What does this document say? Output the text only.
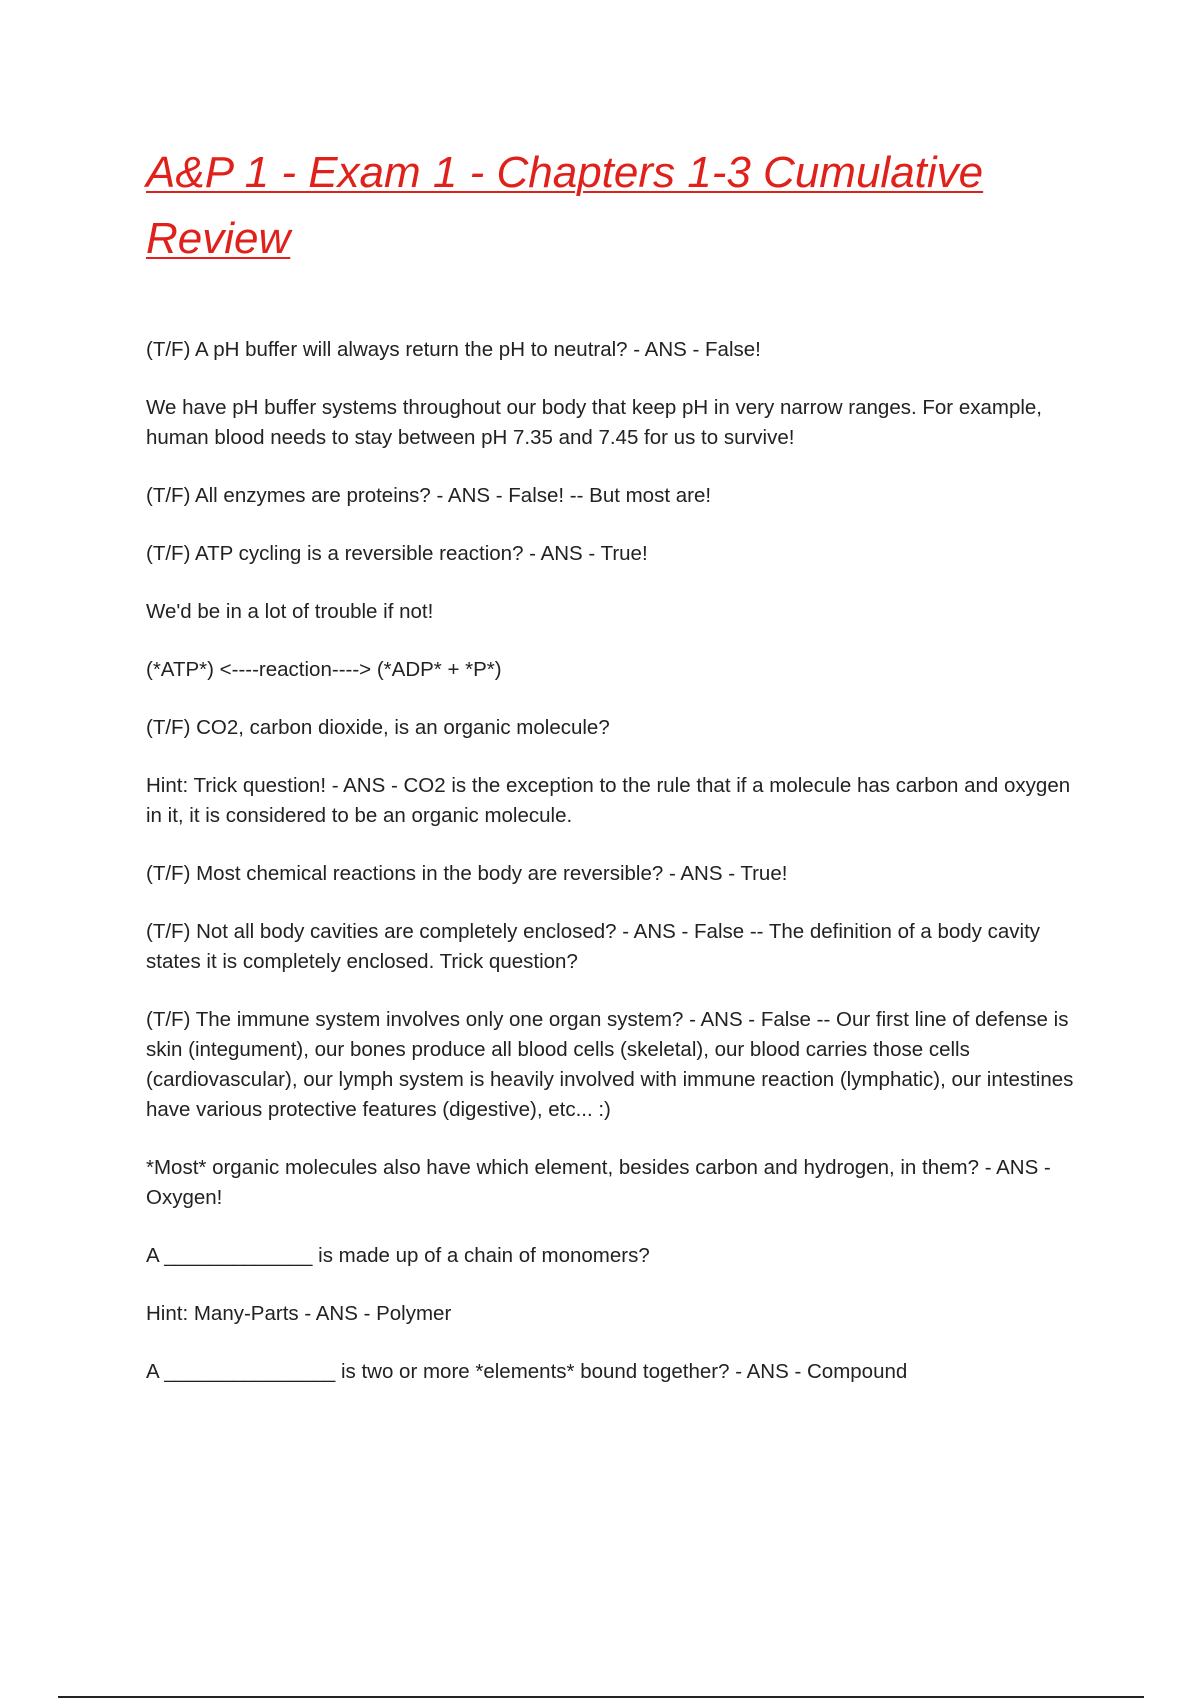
A&P 1 - Exam 1 - Chapters 1-3 Cumulative Review

(T/F) A pH buffer will always return the pH to neutral? - ANS - False!

We have pH buffer systems throughout our body that keep pH in very narrow ranges. For example, human blood needs to stay between pH 7.35 and 7.45 for us to survive!

(T/F) All enzymes are proteins? - ANS - False! -- But most are!

(T/F) ATP cycling is a reversible reaction? - ANS - True!

We'd be in a lot of trouble if not!

(*ATP*) <----reaction----> (*ADP* + *P*)

(T/F) CO2, carbon dioxide, is an organic molecule?

Hint: Trick question! - ANS - CO2 is the exception to the rule that if a molecule has carbon and oxygen in it, it is considered to be an organic molecule.

(T/F) Most chemical reactions in the body are reversible? - ANS - True!

(T/F) Not all body cavities are completely enclosed? - ANS - False -- The definition of a body cavity states it is completely enclosed. Trick question?

(T/F) The immune system involves only one organ system? - ANS - False -- Our first line of defense is skin (integument), our bones produce all blood cells (skeletal), our blood carries those cells (cardiovascular), our lymph system is heavily involved with immune reaction (lymphatic), our intestines have various protective features (digestive), etc... :)

*Most* organic molecules also have which element, besides carbon and hydrogen, in them? - ANS - Oxygen!

A _____________ is made up of a chain of monomers?

Hint: Many-Parts - ANS - Polymer

A _______________ is two or more *elements* bound together? - ANS - Compound
